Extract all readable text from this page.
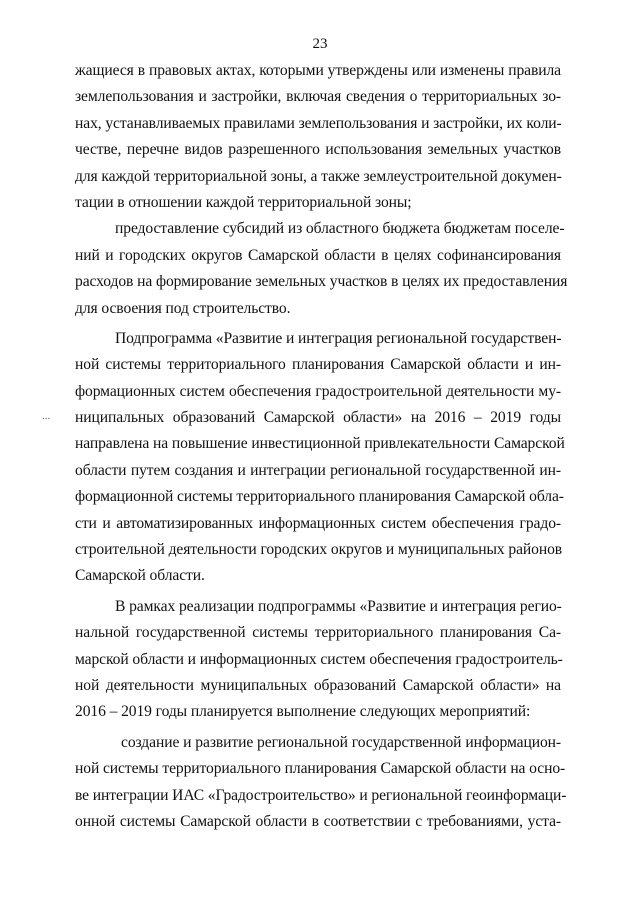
23
...
жащиеся в правовых актах, которыми утверждены или изменены правила
землепользования и застройки, включая сведения о территориальных зо-
нах, устанавливаемых правилами землепользования и застройки, их коли-
честве, перечне видов разрешенного использования земельных участков
для каждой территориальной зоны, а также землеустроительной докумен-
тации в отношении каждой территориальной зоны;
предоставление субсидий из областного бюджета бюджетам поселе-
ний и городских округов Самарской области в целях софинансирования
расходов на формирование земельных участков в целях их предоставления
для освоения под строительство.
Подпрограмма «Развитие и интеграция региональной государствен-
ной системы территориального планирования Самарской области и ин-
формационных систем обеспечения градостроительной деятельности му-
ниципальных образований Самарской области» на 2016 – 2019 годы
направлена на повышение инвестиционной привлекательности Самарской
области путем создания и интеграции региональной государственной ин-
формационной системы территориального планирования Самарской обла-
сти и автоматизированных информационных систем обеспечения градо-
строительной деятельности городских округов и муниципальных районов
Самарской области.
В рамках реализации подпрограммы «Развитие и интеграция регио-
нальной государственной системы территориального планирования Са-
марской области и информационных систем обеспечения градостроитель-
ной деятельности муниципальных образований Самарской области» на
2016 – 2019 годы планируется выполнение следующих мероприятий:
создание и развитие региональной государственной информацион-
ной системы территориального планирования Самарской области на осно-
ве интеграции ИАС «Градостроительство» и региональной геоинформаци-
онной системы Самарской области в соответствии с требованиями, уста-
